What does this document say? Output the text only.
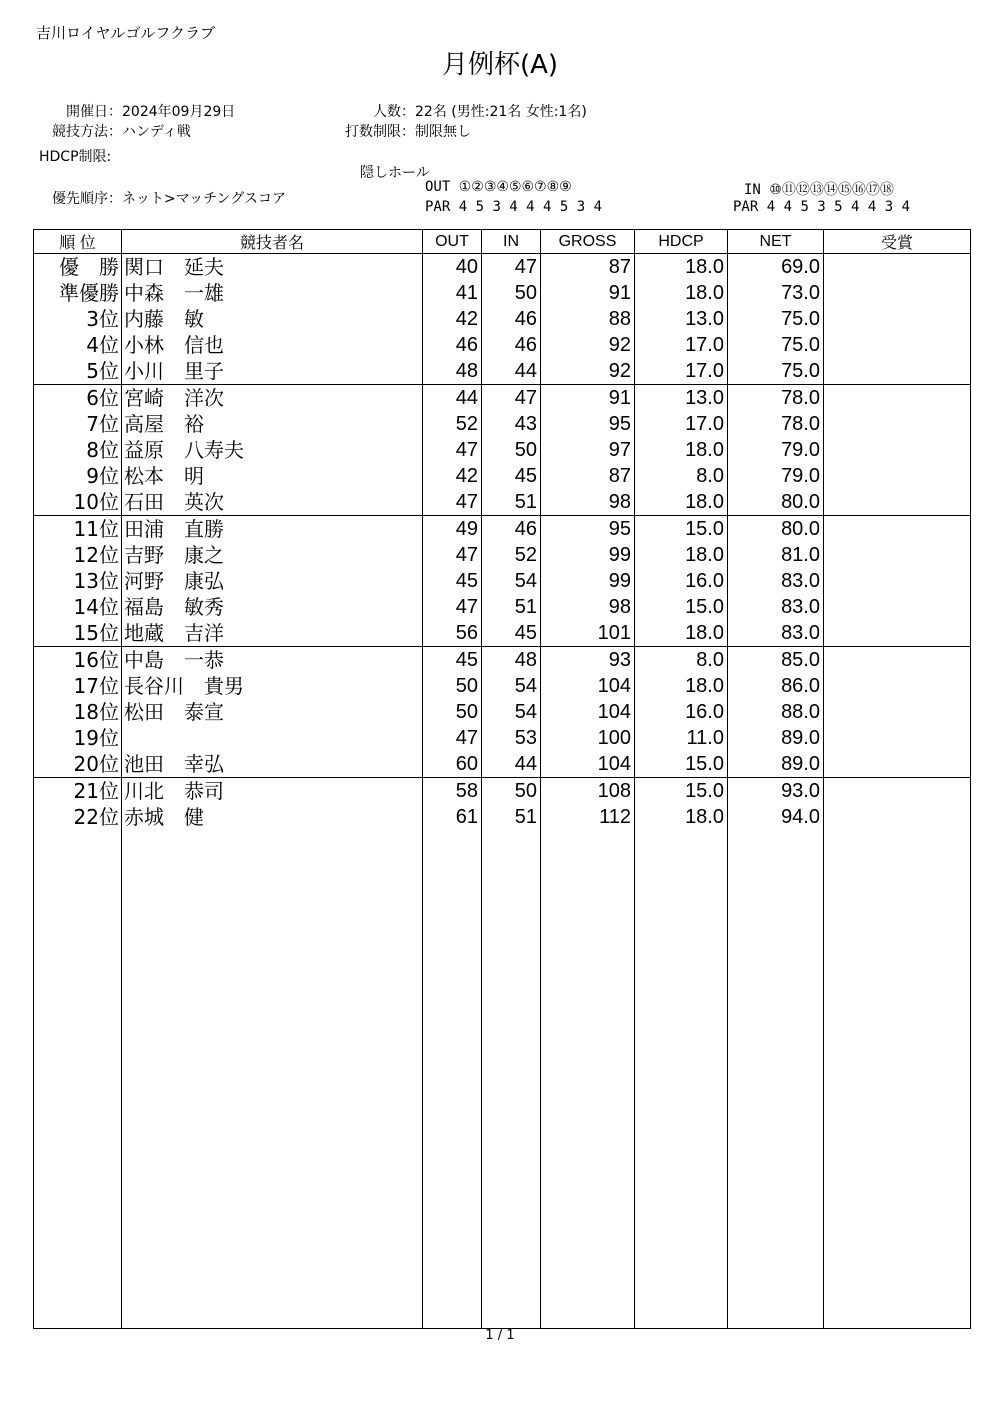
吉川ロイヤルゴルフクラブ
月例杯(A)
開催日：2024年09月29日
競技方法：ハンディ戦
HDCP制限:
人数：22名 (男性:21名 女性:1名)
打数制限：制限無し
隠しホール
優先順序：ネット>マッチングスコア
OUT ①②③④⑤⑥⑦⑧⑨
PAR 4 5 3 4 4 4 5 3 4
IN ⑩⑪⑫⑬⑭⑮⑯⑰⑱
PAR 4 4 5 3 5 4 4 3 4
順 位	競技者名	OUT	IN	GROSS	HDCP	NET	受賞
優　勝	関口　延夫	40	47	87	18.0	69.0	
準優勝	中森　一雄	41	50	91	18.0	73.0	
3位	内藤　敏	42	46	88	13.0	75.0	
4位	小林　信也	46	46	92	17.0	75.0	
5位	小川　里子	48	44	92	17.0	75.0	
6位	宮崎　洋次	44	47	91	13.0	78.0	
7位	高屋　裕	52	43	95	17.0	78.0	
8位	益原　八寿夫	47	50	97	18.0	79.0	
9位	松本　明	42	45	87	8.0	79.0	
10位	石田　英次	47	51	98	18.0	80.0	
11位	田浦　直勝	49	46	95	15.0	80.0	
12位	吉野　康之	47	52	99	18.0	81.0	
13位	河野　康弘	45	54	99	16.0	83.0	
14位	福島　敏秀	47	51	98	15.0	83.0	
15位	地蔵　吉洋	56	45	101	18.0	83.0	
16位	中島　一恭	45	48	93	8.0	85.0	
17位	長谷川　貴男	50	54	104	18.0	86.0	
18位	松田　泰宣	50	54	104	16.0	88.0	
19位		47	53	100	11.0	89.0	
20位	池田　幸弘	60	44	104	15.0	89.0	
21位	川北　恭司	58	50	108	15.0	93.0	
22位	赤城　健	61	51	112	18.0	94.0	

1 / 1
